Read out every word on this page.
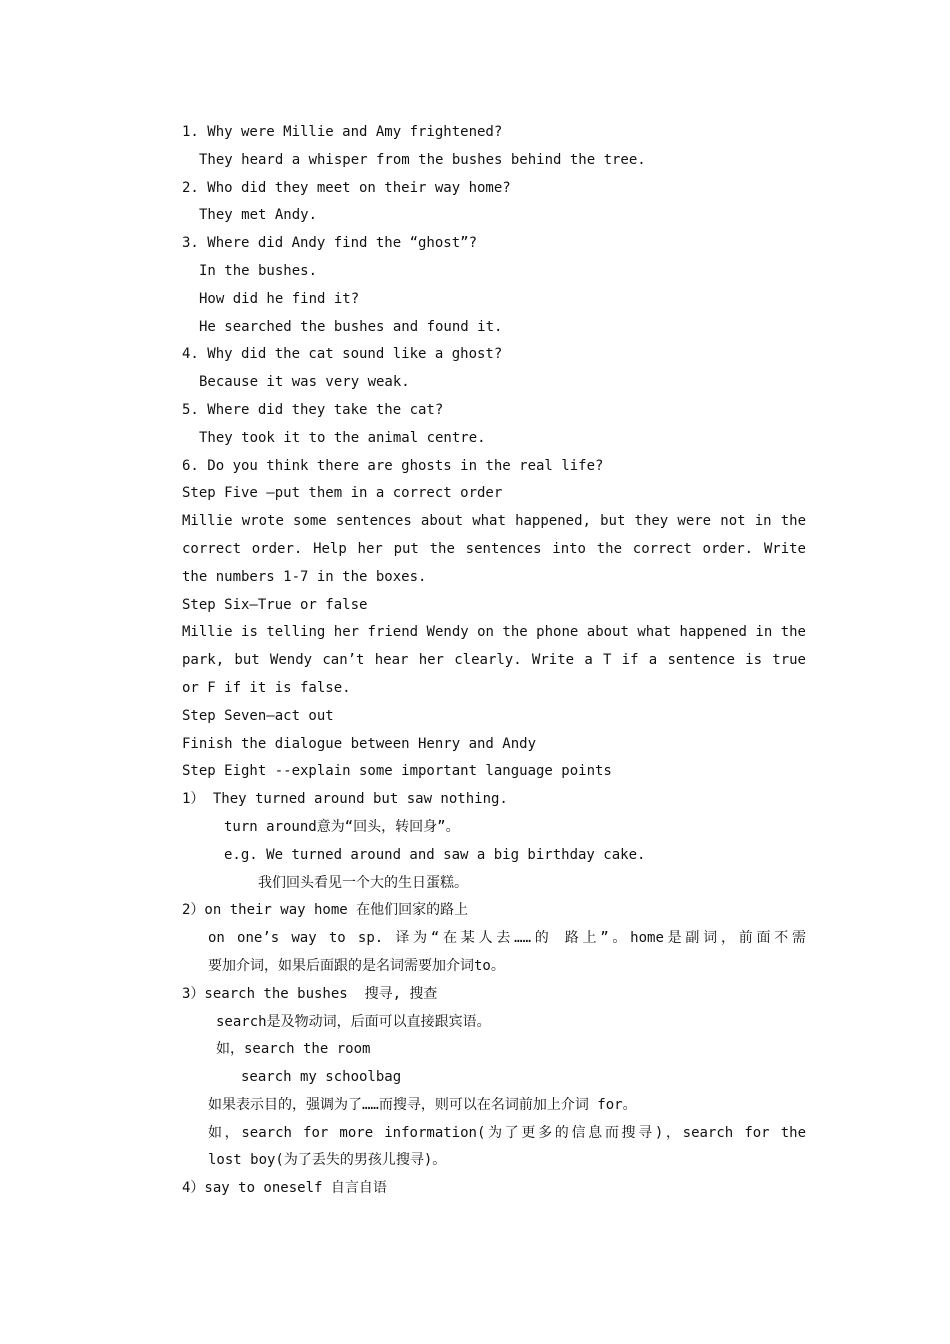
1. Why were Millie and Amy frightened?
They heard a whisper from the bushes behind the tree.
2. Who did they meet on their way home?
They met Andy.
3. Where did Andy find the “ghost”?
In the bushes.
How did he find it?
He searched the bushes and found it.
4. Why did the cat sound like a ghost?
Because it was very weak.
5. Where did they take the cat?
They took it to the animal centre.
6. Do you think there are ghosts in the real life?
Step Five –put them in a correct order
Millie wrote some sentences about what happened, but they were not in the
correct order. Help her put the sentences into the correct order. Write
the numbers 1-7 in the boxes.
Step Six—True or false
Millie is telling her friend Wendy on the phone about what happened in the
park, but Wendy can’t hear her clearly. Write a T if a sentence is true
or F if it is false.
Step Seven—act out
Finish the dialogue between Henry and Andy
Step Eight --explain some important language points
1） They turned around but saw nothing.
turn around意为“回头，转回身”。
e.g. We turned around and saw a big birthday cake.
我们回头看见一个大的生日蛋糕。
2）on their way home 在他们回家的路上
on one’s way to sp. 译为“在某人去……的 路上”。home是副词，前面不需
要加介词，如果后面跟的是名词需要加介词to。
3）search the bushes  搜寻, 搜查
search是及物动词，后面可以直接跟宾语。
如，search the room
search my schoolbag
如果表示目的，强调为了……而搜寻，则可以在名词前加上介词 for。
如，search for more information(为了更多的信息而搜寻)，search for the
lost boy(为了丢失的男孩儿搜寻)。
4）say to oneself 自言自语
